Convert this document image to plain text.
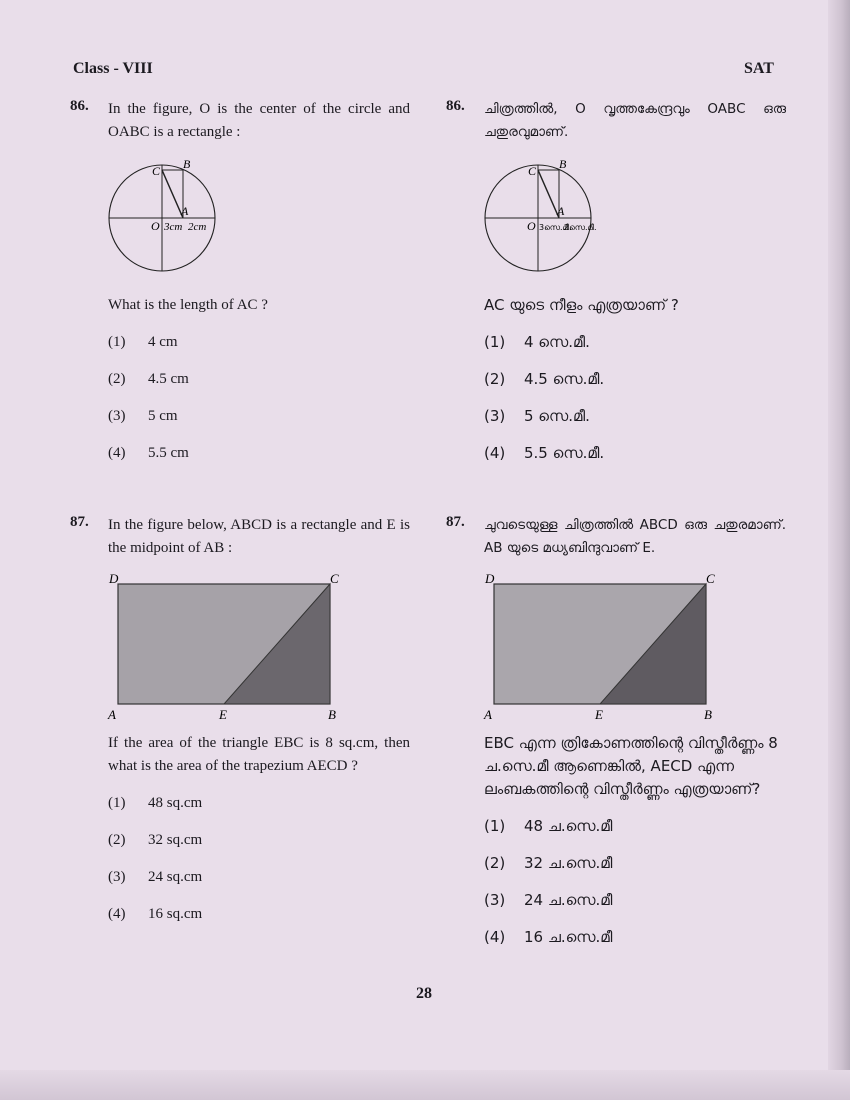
Class - VIII	SAT
86. In the figure, O is the center of the circle and OABC is a rectangle :
C B
A
O 3cm 2cm
What is the length of AC ?
(1) 4 cm
(2) 4.5 cm
(3) 5 cm
(4) 5.5 cm
87. In the figure below, ABCD is a rectangle and E is the midpoint of AB :
D	C
A	E	B
If the area of the triangle EBC is 8 sq.cm, then what is the area of the trapezium AECD ?
(1) 48 sq.cm
(2) 32 sq.cm
(3) 24 sq.cm
(4) 16 sq.cm
86. ചിത്രത്തിൽ, O വൃത്തകേന്ദ്രവും OABC ഒരു ചതുരവുമാണ്.
C B
A
O 3സെ.മീ.
2സെ.മീ.
AC യുടെ നീളം എത്രയാണ് ?
(1) 4 സെ.മീ.
(2) 4.5 സെ.മീ.
(3) 5 സെ.മീ.
(4) 5.5 സെ.മീ.
87. ചുവടെയുള്ള ചിത്രത്തിൽ ABCD ഒരു ചതുരമാണ്. AB യുടെ മധ്യബിന്ദുവാണ് E.
D	C
A	E	B
EBC എന്ന ത്രികോണത്തിന്റെ വിസ്തീർണ്ണം 8 ച.സെ.മീ ആണെങ്കിൽ, AECD എന്ന ലംബകത്തിന്റെ വിസ്തീർണ്ണം എത്രയാണ്?
(1) 48 ച.സെ.മീ
(2) 32 ച.സെ.മീ
(3) 24 ച.സെ.മീ
(4) 16 ച.സെ.മീ
28
